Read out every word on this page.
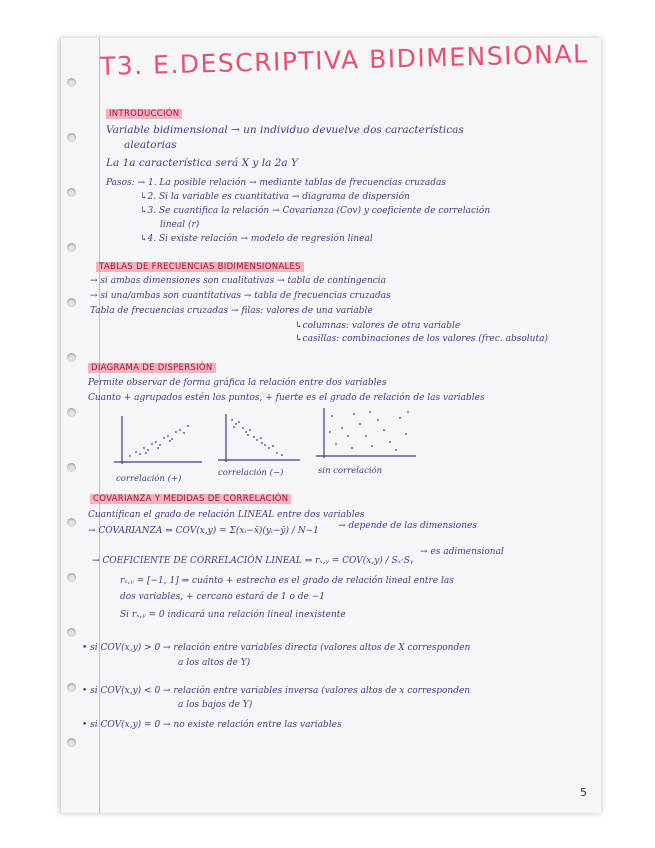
T3. E.DESCRIPTIVA BIDIMENSIONAL
INTRODUCCIÓN
Variable bidimensional → un individuo devuelve dos características
aleatorias
La 1a característica será X y la 2a Y
Pasos: → 1. La posible relación → mediante tablas de frecuencias cruzadas
↳2. Si la variable es cuantitativa → diagrama de dispersión
↳3. Se cuantifica la relación → Covarianza (Cov) y coeficiente de correlación
lineal (r)
↳4. Si existe relación → modelo de regresión lineal
TABLAS DE FRECUENCIAS BIDIMENSIONALES
→ si ambas dimensiones son cualitativas → tabla de contingencia
→ si una/ambas son cuantitativas → tabla de frecuencias cruzadas
Tabla de frecuencias cruzadas → filas: valores de una variable
↳columnas: valores de otra variable
↳casillas: combinaciones de los valores (frec. absoluta)
DIAGRAMA DE DISPERSIÓN
Permite observar de forma gráfica la relación entre dos variables
Cuanto + agrupados estén los puntos, + fuerte es el grado de relación de las variables
correlación (+)
correlación (−)	sin correlación
COVARIANZA Y MEDIDAS DE CORRELACIÓN
Cuantifican el grado de relación LINEAL entre dos variables
→ COVARIANZA ⇒ COV(x,y) = Σ(xᵢ−x̄)(yᵢ−ȳ) / N−1 → depende de las dimensiones
→ COEFICIENTE DE CORRELACIÓN LINEAL ⇒ rₓ,ᵧ = COV(x,y) / Sₓ·Sᵧ
→ es adimensional
rₓ,ᵧ = [−1, 1] ⇒ cuánto + estrecho es el grado de relación lineal entre las
dos variables, + cercano estará de 1 o de −1
Si rₓ,ᵧ = 0 indicará una relación lineal inexistente
• si COV(x,y) > 0 → relación entre variables directa (valores altos de X corresponden
a los altos de Y)
• si COV(x,y) < 0 → relación entre variables inversa (valores altos de x corresponden
a los bajos de Y)
• si COV(x,y) = 0 → no existe relación entre las variables
5
